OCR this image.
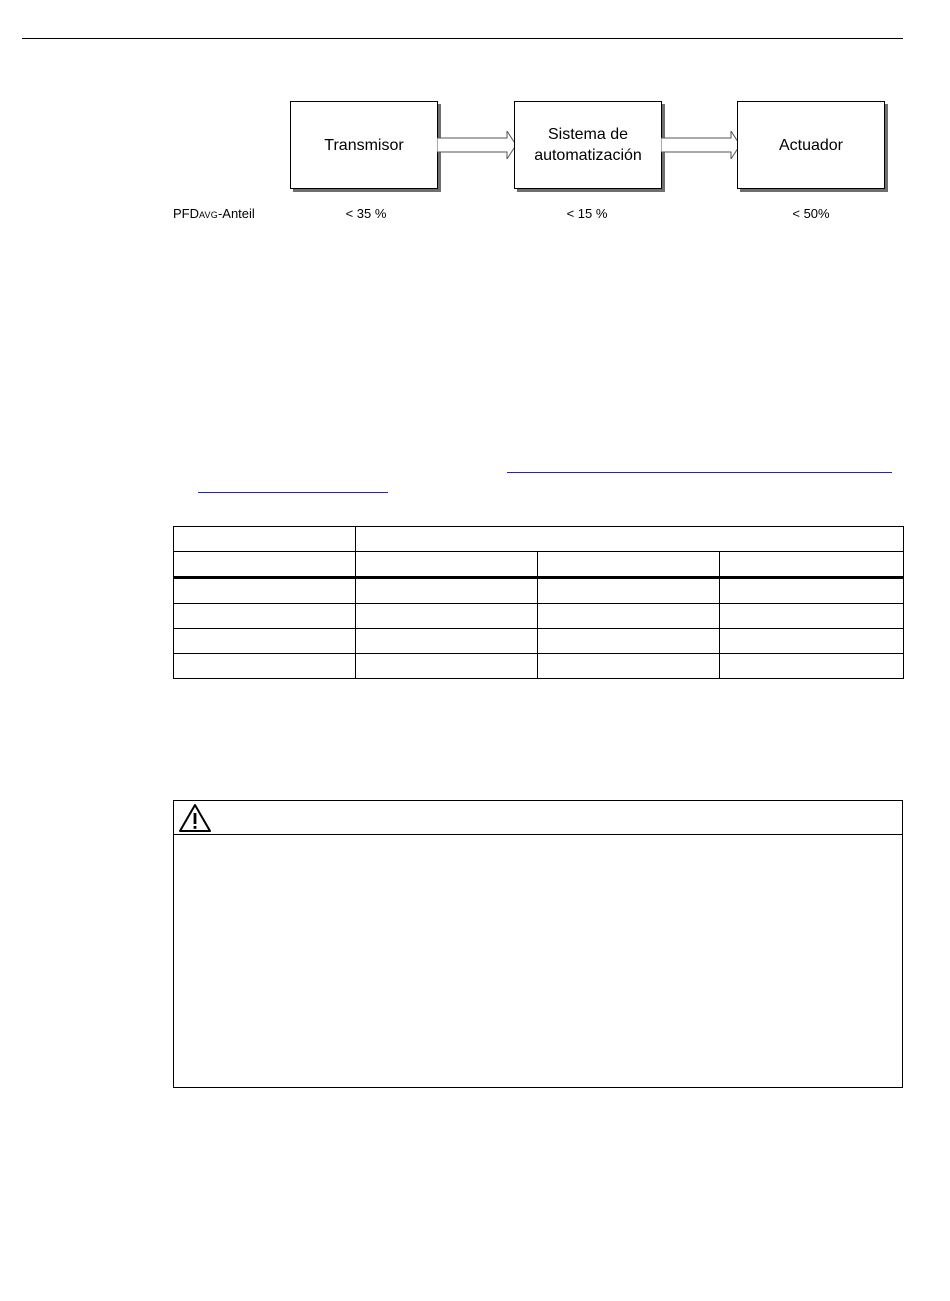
Transmisor
Sistema de
automatización
Actuador
PFDAVG-Anteil	< 35 %	< 15 %	< 50%
